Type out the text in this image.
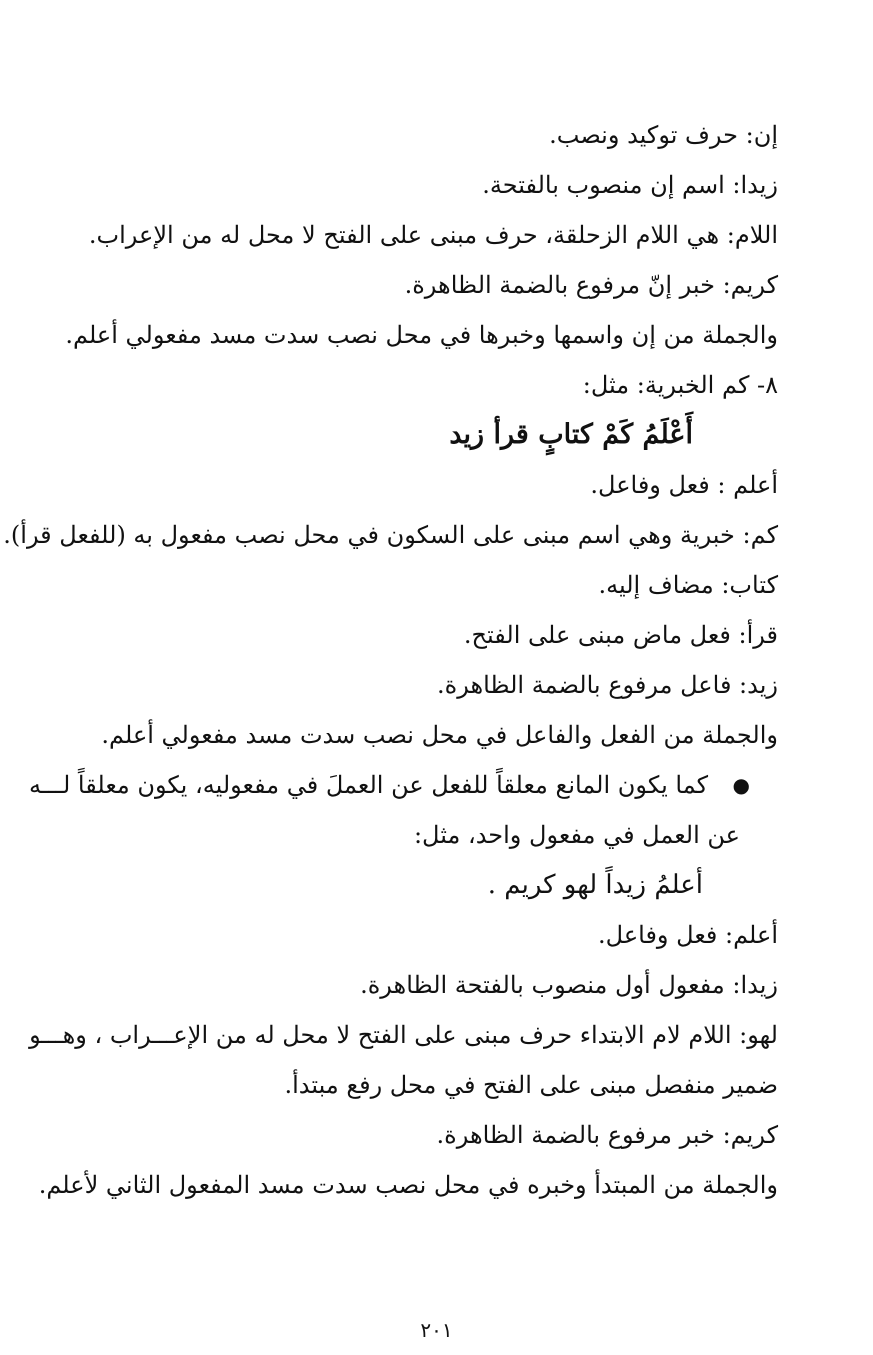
إن: حرف توكيد ونصب.
زيدا: اسم إن منصوب بالفتحة.
اللام: هي اللام الزحلقة، حرف مبنى على الفتح لا محل له من الإعراب.
كريم: خبر إنّ مرفوع بالضمة الظاهرة.
والجملة من إن واسمها وخبرها في محل نصب سدت مسد مفعولي أعلم.
٨- كم الخبرية: مثل:
أَعْلَمُ كَمْ كتابٍ قرأ زيد
أعلم : فعل وفاعل.
كم: خبرية وهي اسم مبنى على السكون في محل نصب مفعول به (للفعل قرأ).
كتاب: مضاف إليه.
قرأ: فعل ماض مبنى على الفتح.
زيد: فاعل مرفوع بالضمة الظاهرة.
والجملة من الفعل والفاعل في محل نصب سدت مسد مفعولي أعلم.
●
كما يكون المانع معلقاً للفعل عن العملَ في مفعوليه، يكون معلقاً لـــه
عن العمل في مفعول واحد، مثل:
أعلمُ زيداً لهو كريم .
أعلم: فعل وفاعل.
زيدا: مفعول أول منصوب بالفتحة الظاهرة.
لهو: اللام لام الابتداء حرف مبنى على الفتح لا محل له من الإعـــراب ، وهـــو
ضمير منفصل مبنى على الفتح في محل رفع مبتدأ.
كريم: خبر مرفوع بالضمة الظاهرة.
والجملة من المبتدأ وخبره في محل نصب سدت مسد المفعول الثاني لأعلم.
٢٠١
